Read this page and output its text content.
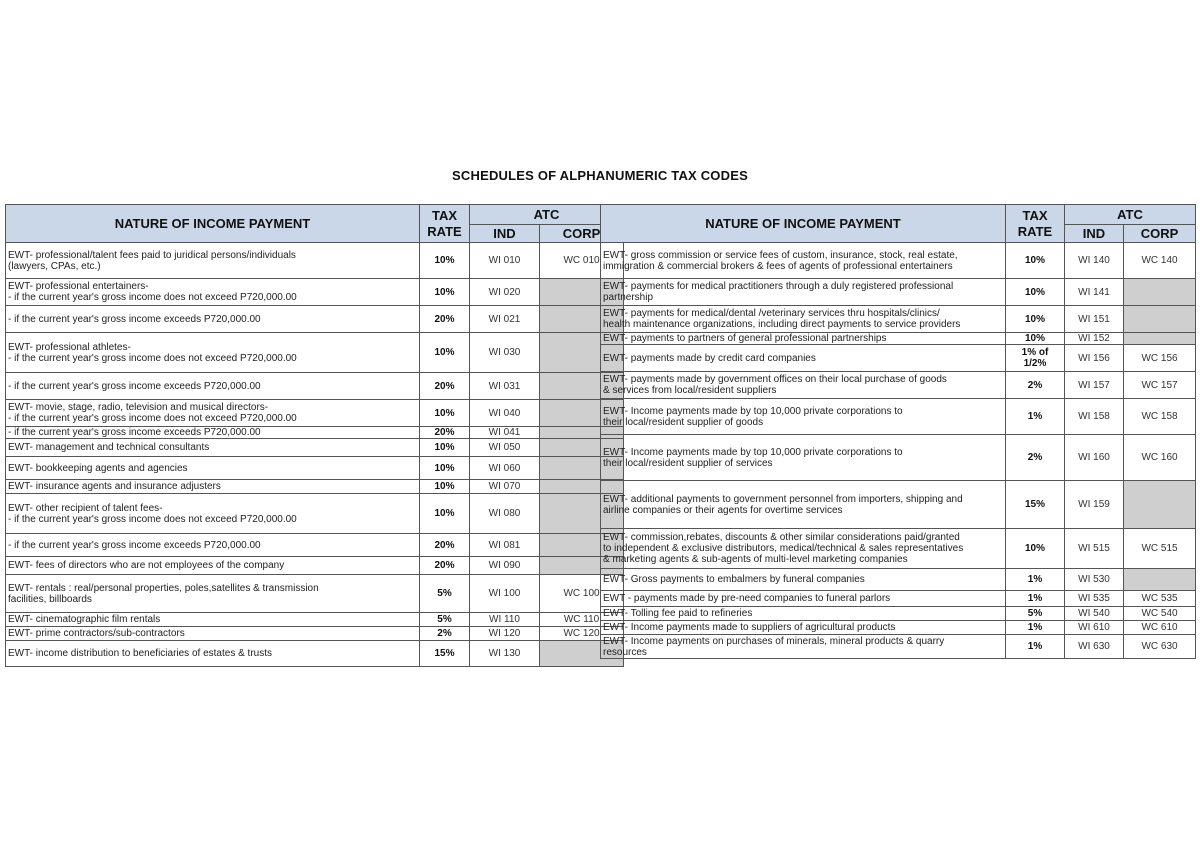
SCHEDULES OF ALPHANUMERIC TAX CODES
NATURE OF INCOME PAYMENT	TAX
RATE	ATC	
		IND	CORP
EWT- professional/talent fees paid to juridical persons/individuals
(lawyers, CPAs, etc.)	10%	WI 010	WC 010
EWT- professional entertainers-
- if the current year's gross income does not exceed P720,000.00	10%	WI 020	
- if the current year's gross income exceeds P720,000.00	20%	WI 021	
EWT- professional athletes-
- if the current year's gross income does not exceed P720,000.00	10%	WI 030	
- if the current year's gross income exceeds P720,000.00	20%	WI 031	
EWT- movie, stage, radio, television and musical directors-
- if the current year's gross income does not exceed P720,000.00	10%	WI 040	
- if the current year's gross income exceeds P720,000.00	20%	WI 041	
EWT- management and technical consultants	10%	WI 050	
EWT- bookkeeping agents and agencies	10%	WI 060	
EWT- insurance agents and insurance adjusters	10%	WI 070	
EWT- other recipient of talent fees-
- if the current year's gross income does not exceed P720,000.00	10%	WI 080	
- if the current year's gross income exceeds P720,000.00	20%	WI 081	
EWT- fees of directors who are not employees of the company	20%	WI 090	
EWT- rentals : real/personal properties, poles,satellites & transmission
facilities, billboards	5%	WI 100	WC 100
EWT- cinematographic film rentals	5%	WI 110	WC 110
EWT- prime contractors/sub-contractors	2%	WI 120	WC 120
EWT- income distribution to beneficiaries of estates & trusts	15%	WI 130	
NATURE OF INCOME PAYMENT	TAX
RATE	ATC	
		IND	CORP
EWT- gross commission or service fees of custom, insurance, stock, real estate,
immigration & commercial brokers & fees of agents of professional entertainers	10%	WI 140	WC 140
EWT- payments for medical practitioners through a duly registered professional
partnership	10%	WI 141	
EWT- payments for medical/dental /veterinary services thru hospitals/clinics/
health maintenance organizations, including direct payments to service providers	10%	WI 151	
EWT- payments to partners of general professional partnerships	10%	WI 152	
EWT- payments made by credit card companies	1% of
1/2%	WI 156	WC 156
EWT- payments made by government offices on their local purchase of goods
& services from local/resident suppliers	2%	WI 157	WC 157
EWT- Income payments made by top 10,000 private corporations to
their local/resident supplier of goods	1%	WI 158	WC 158
EWT- Income payments made by top 10,000 private corporations to
their local/resident supplier of services	2%	WI 160	WC 160
EWT- additional payments to government personnel from importers, shipping and
airline companies or their agents for overtime services	15%	WI 159	
EWT- commission,rebates, discounts & other similar considerations paid/granted
to independent & exclusive distributors, medical/technical & sales representatives
& marketing agents & sub-agents of multi-level marketing companies	10%	WI 515	WC 515
EWT- Gross payments to embalmers by funeral companies	1%	WI 530	
EWT - payments made by pre-need companies to funeral parlors	1%	WI 535	WC 535
EWT- Tolling fee paid to refineries	5%	WI 540	WC 540
EWT- Income payments made to suppliers of agricultural products	1%	WI 610	WC 610
EWT- Income payments on purchases of minerals, mineral products & quarry
resources	1%	WI 630	WC 630
